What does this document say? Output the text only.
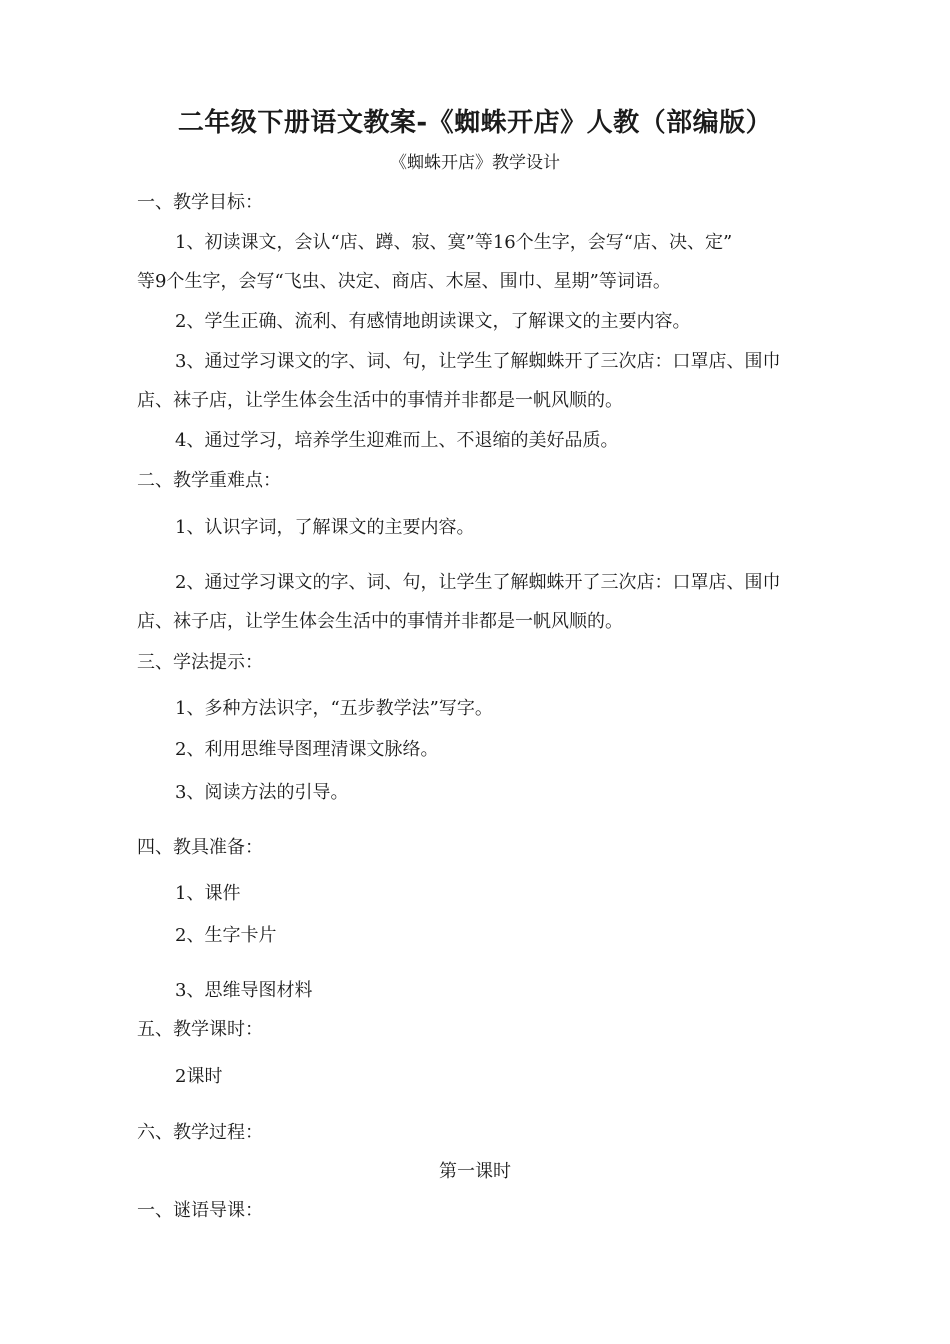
二年级下册语文教案-《蜘蛛开店》人教（部编版）
《蜘蛛开店》教学设计
一、教学目标：
1、初读课文，会认“店、蹲、寂、寞”等16个生字，会写“店、决、定”
等9个生字，会写“飞虫、决定、商店、木屋、围巾、星期”等词语。
2、学生正确、流利、有感情地朗读课文，了解课文的主要内容。
3、通过学习课文的字、词、句，让学生了解蜘蛛开了三次店：口罩店、围巾
店、袜子店，让学生体会生活中的事情并非都是一帆风顺的。
4、通过学习，培养学生迎难而上、不退缩的美好品质。
二、教学重难点：
1、认识字词，了解课文的主要内容。
2、通过学习课文的字、词、句，让学生了解蜘蛛开了三次店：口罩店、围巾
店、袜子店，让学生体会生活中的事情并非都是一帆风顺的。
三、学法提示：
1、多种方法识字，“五步教学法”写字。
2、利用思维导图理清课文脉络。
3、阅读方法的引导。
四、教具准备：
1、课件
2、生字卡片
3、思维导图材料
五、教学课时：
2课时
六、教学过程：
第一课时
一、谜语导课：
